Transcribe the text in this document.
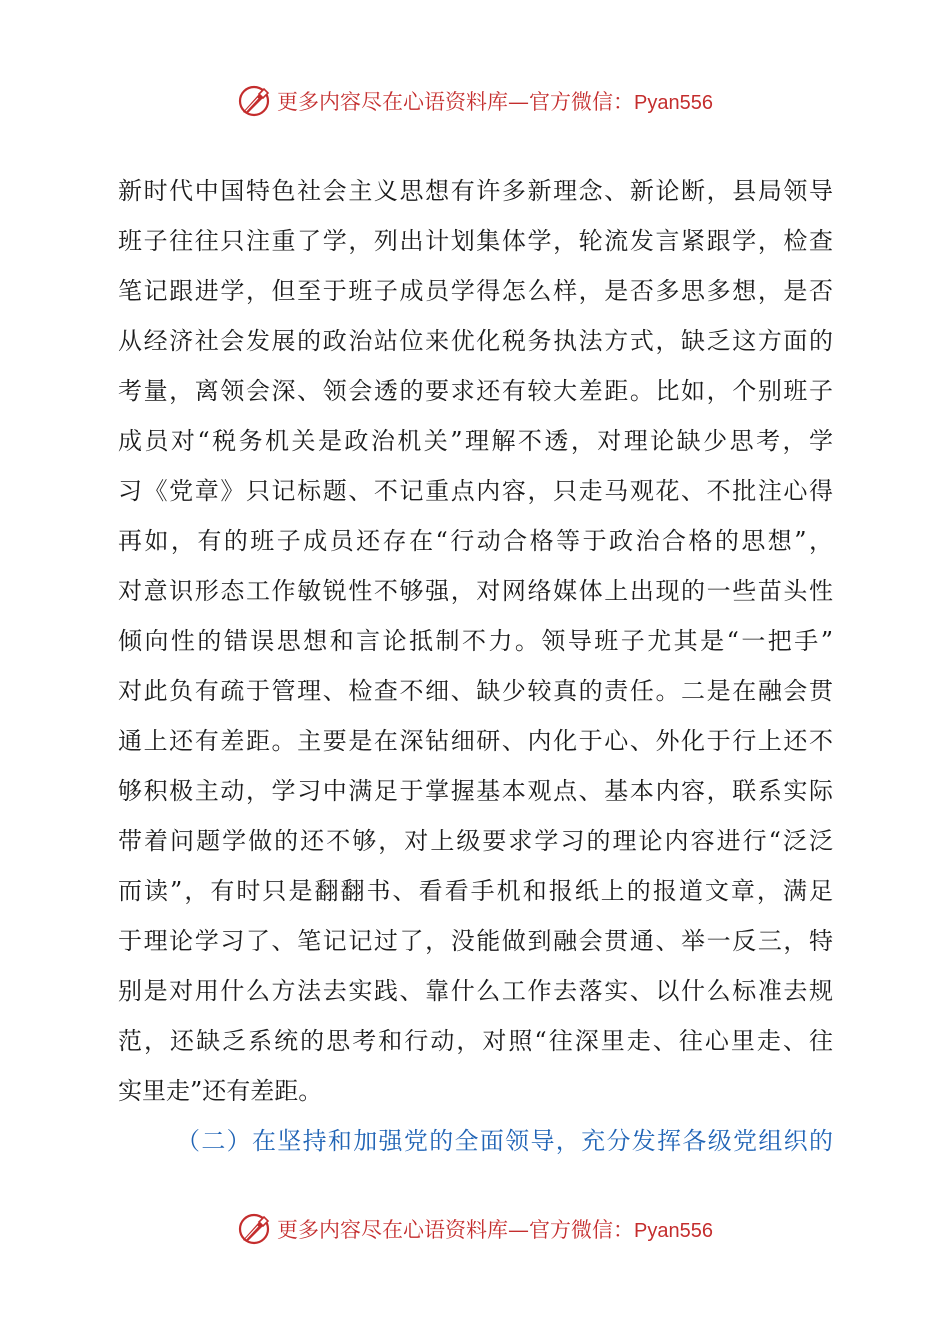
更多内容尽在心语资料库—官方微信：Pyan556
新时代中国特色社会主义思想有许多新理念、新论断，县局领导
班子往往只注重了学，列出计划集体学，轮流发言紧跟学，检查
笔记跟进学，但至于班子成员学得怎么样，是否多思多想，是否
从经济社会发展的政治站位来优化税务执法方式，缺乏这方面的
考量，离领会深、领会透的要求还有较大差距。比如，个别班子
成员对“税务机关是政治机关”理解不透，对理论缺少思考，学
习《党章》只记标题、不记重点内容，只走马观花、不批注心得
再如，有的班子成员还存在“行动合格等于政治合格的思想”，
对意识形态工作敏锐性不够强，对网络媒体上出现的一些苗头性
倾向性的错误思想和言论抵制不力。领导班子尤其是“一把手”
对此负有疏于管理、检查不细、缺少较真的责任。二是在融会贯
通上还有差距。主要是在深钻细研、内化于心、外化于行上还不
够积极主动，学习中满足于掌握基本观点、基本内容，联系实际
带着问题学做的还不够，对上级要求学习的理论内容进行“泛泛
而读”，有时只是翻翻书、看看手机和报纸上的报道文章，满足
于理论学习了、笔记记过了，没能做到融会贯通、举一反三，特
别是对用什么方法去实践、靠什么工作去落实、以什么标准去规
范，还缺乏系统的思考和行动，对照“往深里走、往心里走、往
实里走”还有差距。
（二）在坚持和加强党的全面领导，充分发挥各级党组织的
更多内容尽在心语资料库—官方微信：Pyan556
